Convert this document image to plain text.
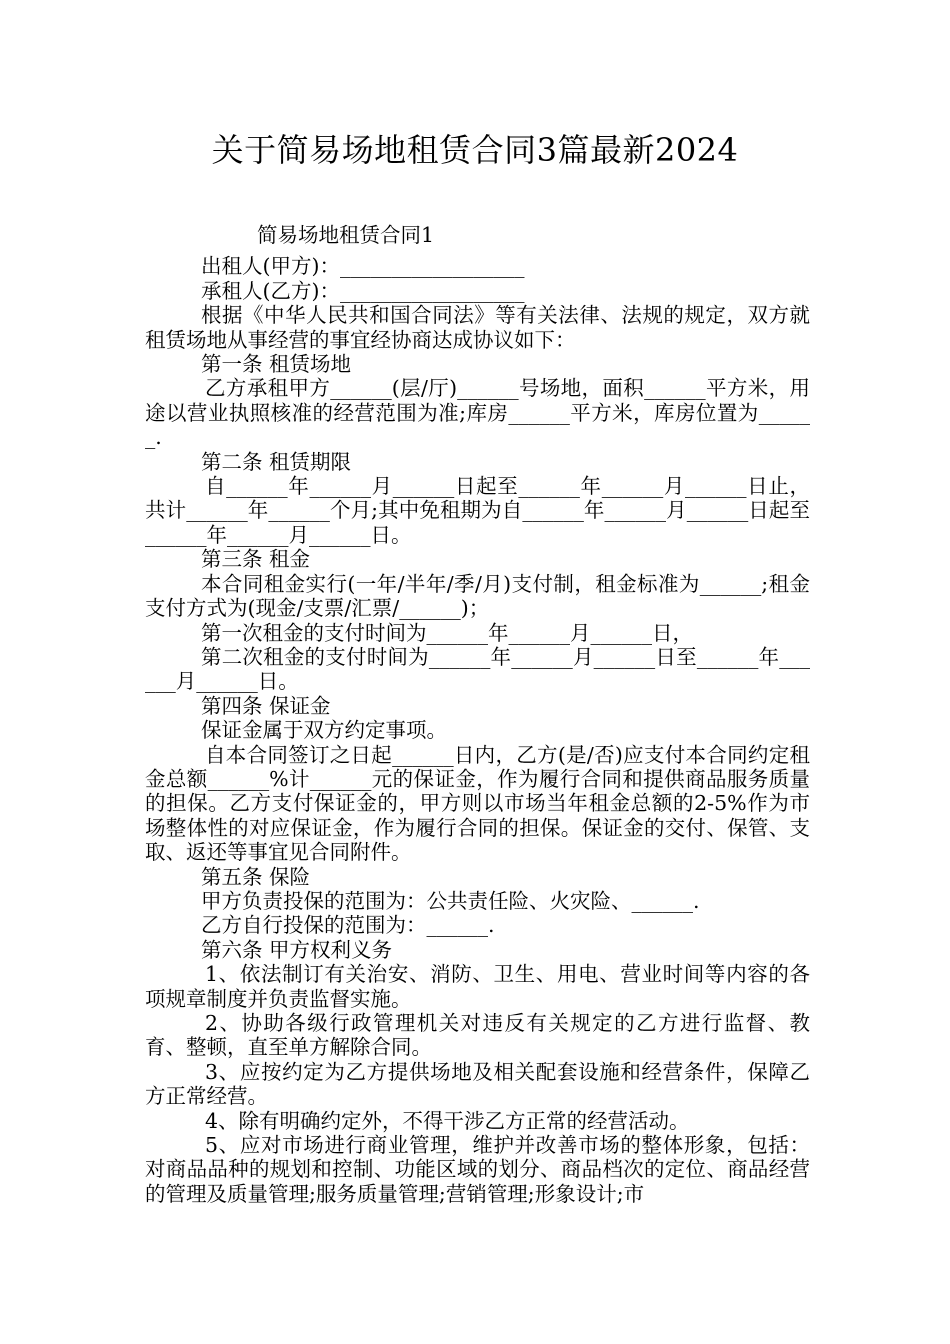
关于简易场地租赁合同3篇最新2024

简易场地租赁合同1

出租人(甲方)：__________________

承租人(乙方)：__________________

根据《中华人民共和国合同法》等有关法律、法规的规定，双方就租赁场地从事经营的事宜经协商达成协议如下：

第一条 租赁场地

乙方承租甲方______(层/厅)______号场地，面积______平方米，用途以营业执照核准的经营范围为准;库房______平方米，库房位置为______.

第二条 租赁期限

自______年______月______日起至______年______月______日止，共计______年______个月;其中免租期为自______年______月______日起至______年______月______日。

第三条 租金

本合同租金实行(一年/半年/季/月)支付制，租金标准为______;租金支付方式为(现金/支票/汇票/______)；

第一次租金的支付时间为______年______月______日，

第二次租金的支付时间为______年______月______日至______年______月______日。

第四条 保证金

保证金属于双方约定事项。

自本合同签订之日起______日内，乙方(是/否)应支付本合同约定租金总额______%计______元的保证金，作为履行合同和提供商品服务质量的担保。乙方支付保证金的，甲方则以市场当年租金总额的2-5%作为市场整体性的对应保证金，作为履行合同的担保。保证金的交付、保管、支取、返还等事宜见合同附件。

第五条 保险

甲方负责投保的范围为：公共责任险、火灾险、______.

乙方自行投保的范围为：______.

第六条 甲方权利义务

1、依法制订有关治安、消防、卫生、用电、营业时间等内容的各项规章制度并负责监督实施。

2、协助各级行政管理机关对违反有关规定的乙方进行监督、教育、整顿，直至单方解除合同。

3、应按约定为乙方提供场地及相关配套设施和经营条件，保障乙方正常经营。

4、除有明确约定外，不得干涉乙方正常的经营活动。

5、应对市场进行商业管理，维护并改善市场的整体形象，包括：对商品品种的规划和控制、功能区域的划分、商品档次的定位、商品经营的管理及质量管理;服务质量管理;营销管理;形象设计;市
